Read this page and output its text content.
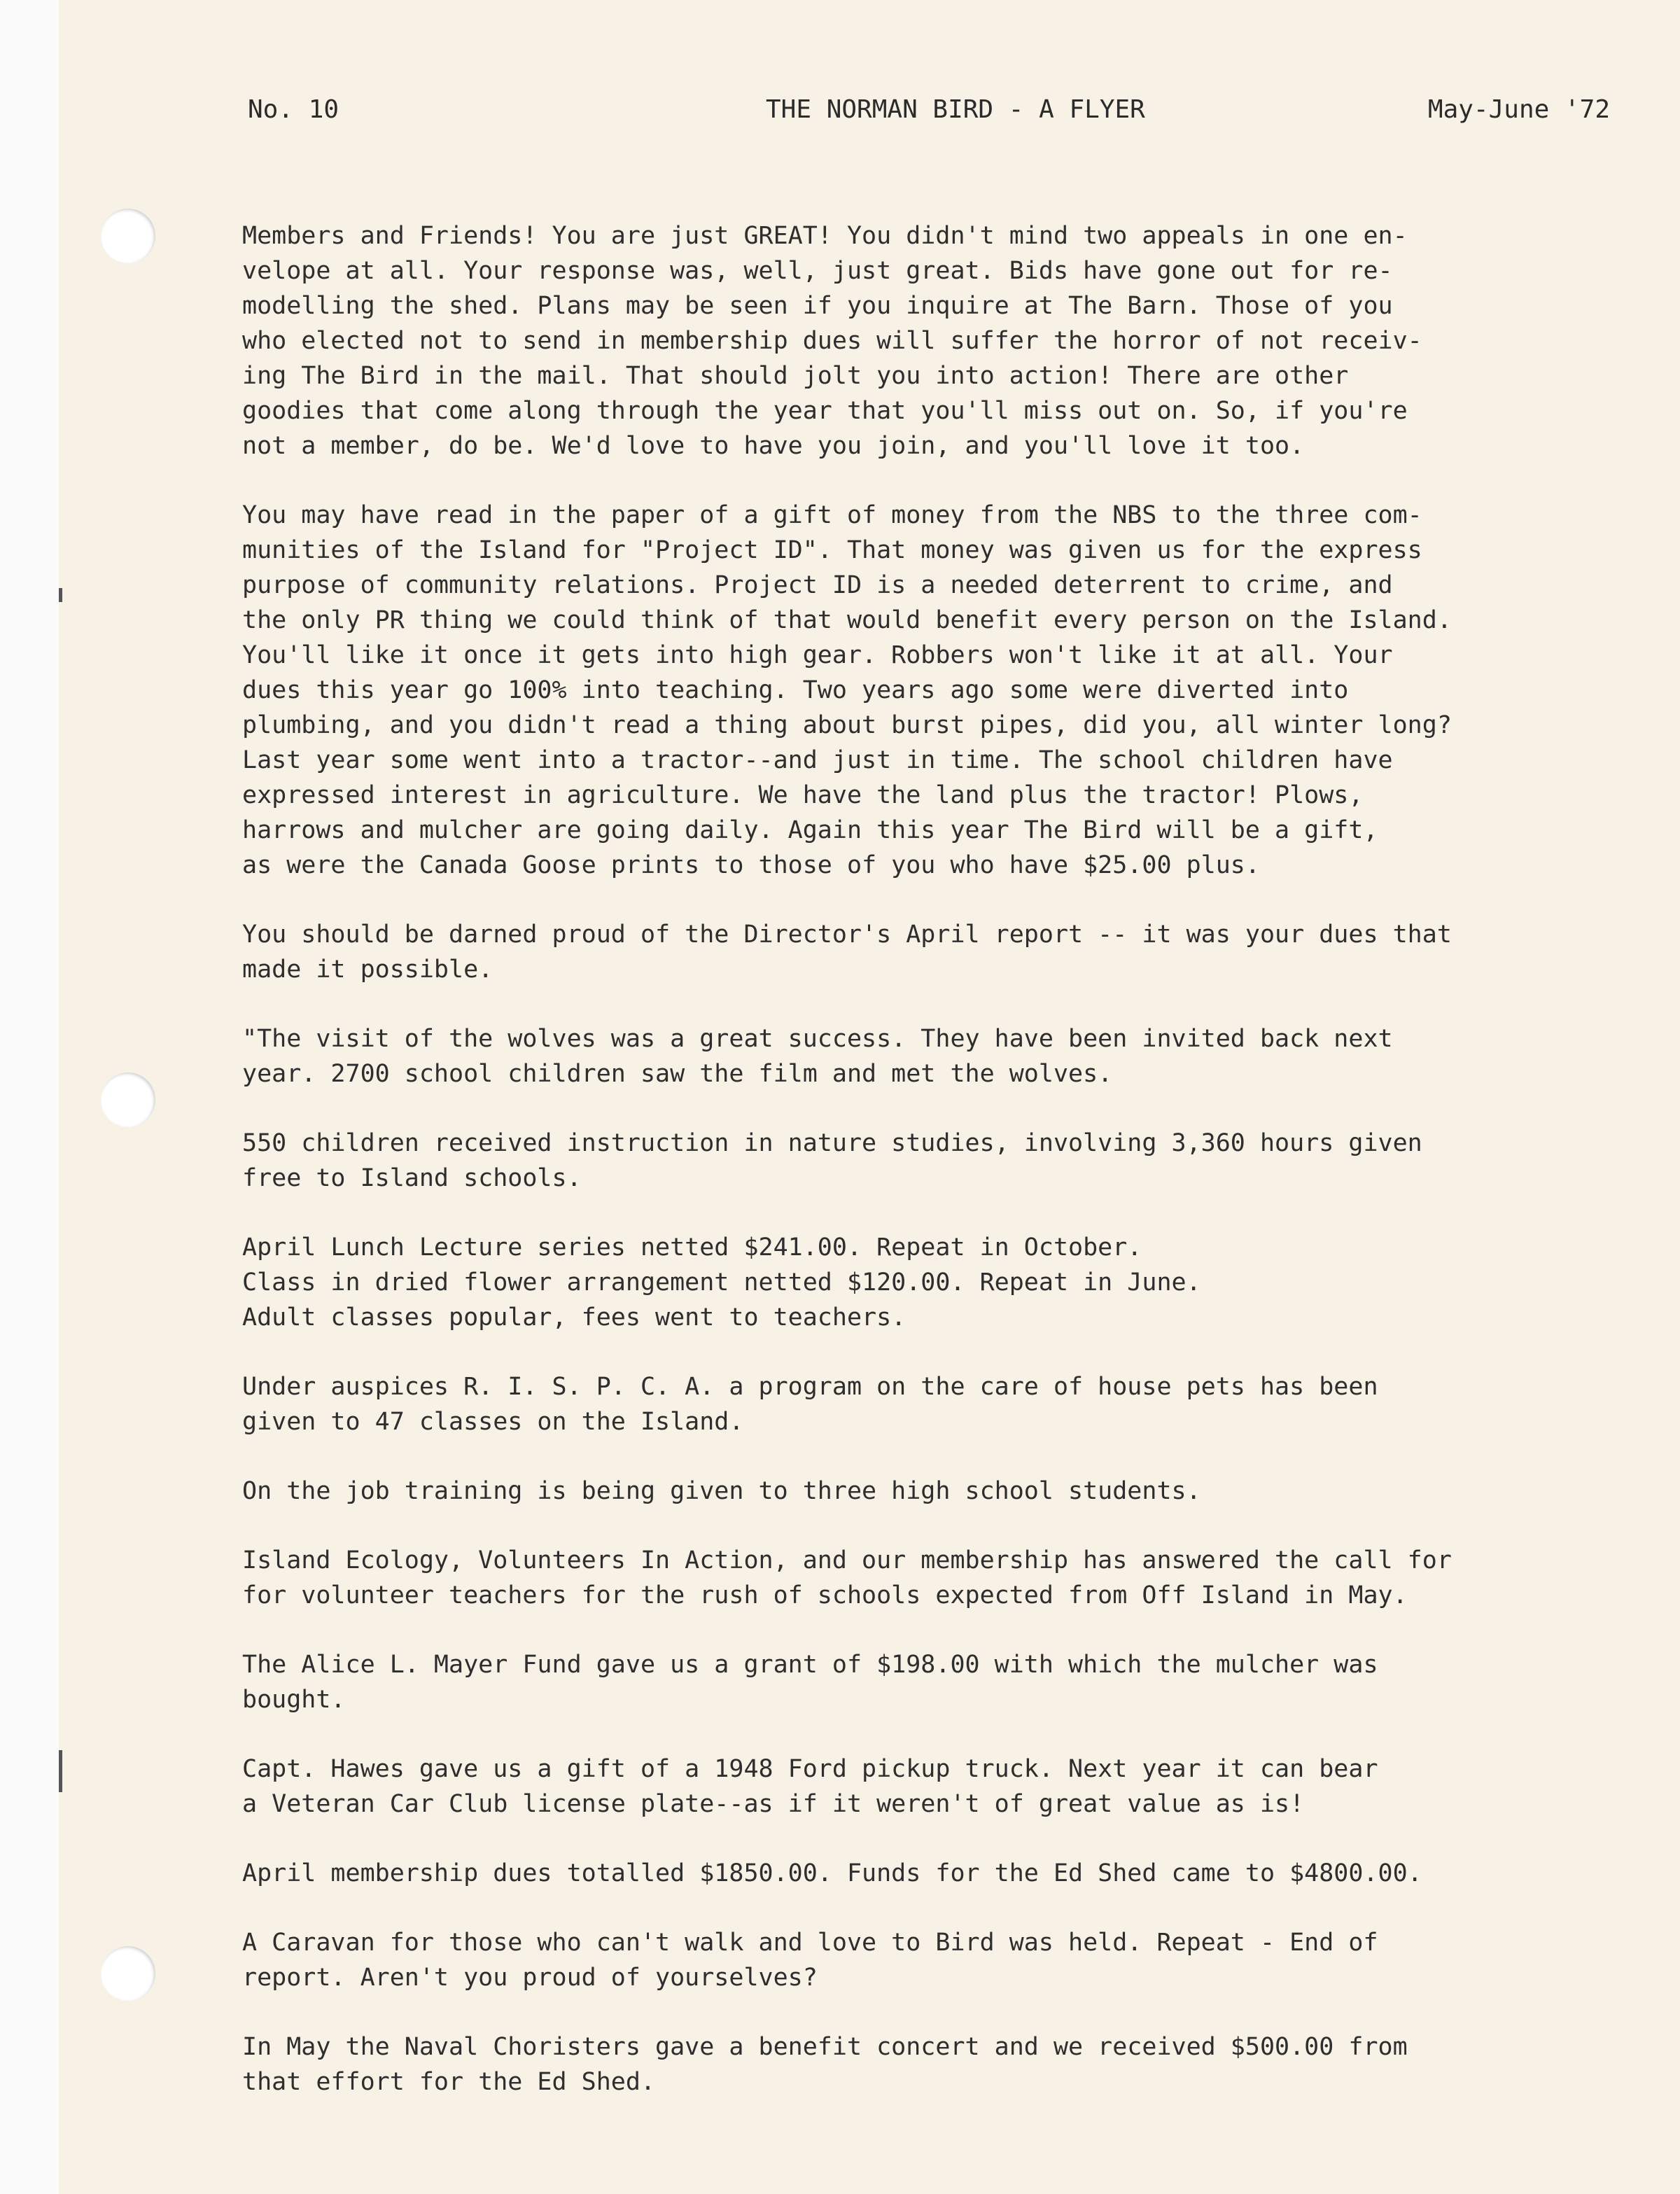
No. 10	THE NORMAN BIRD - A FLYER	May-June '72
Members and Friends! You are just GREAT! You didn't mind two appeals in one en-
velope at all. Your response was, well, just great. Bids have gone out for re-
modelling the shed. Plans may be seen if you inquire at The Barn. Those of you
who elected not to send in membership dues will suffer the horror of not receiv-
ing The Bird in the mail. That should jolt you into action! There are other
goodies that come along through the year that you'll miss out on. So, if you're
not a member, do be. We'd love to have you join, and you'll love it too.
You may have read in the paper of a gift of money from the NBS to the three com-
munities of the Island for "Project ID". That money was given us for the express
purpose of community relations. Project ID is a needed deterrent to crime, and
the only PR thing we could think of that would benefit every person on the Island.
You'll like it once it gets into high gear. Robbers won't like it at all. Your
dues this year go 100% into teaching. Two years ago some were diverted into
plumbing, and you didn't read a thing about burst pipes, did you, all winter long?
Last year some went into a tractor--and just in time. The school children have
expressed interest in agriculture. We have the land plus the tractor! Plows,
harrows and mulcher are going daily. Again this year The Bird will be a gift,
as were the Canada Goose prints to those of you who have $25.00 plus.
You should be darned proud of the Director's April report -- it was your dues that
made it possible.
"The visit of the wolves was a great success. They have been invited back next
year. 2700 school children saw the film and met the wolves.
550 children received instruction in nature studies, involving 3,360 hours given
free to Island schools.
April Lunch Lecture series netted $241.00. Repeat in October.
Class in dried flower arrangement netted $120.00. Repeat in June.
Adult classes popular, fees went to teachers.
Under auspices R. I. S. P. C. A. a program on the care of house pets has been
given to 47 classes on the Island.
On the job training is being given to three high school students.
Island Ecology, Volunteers In Action, and our membership has answered the call for
for volunteer teachers for the rush of schools expected from Off Island in May.
The Alice L. Mayer Fund gave us a grant of $198.00 with which the mulcher was
bought.
Capt. Hawes gave us a gift of a 1948 Ford pickup truck. Next year it can bear
a Veteran Car Club license plate--as if it weren't of great value as is!
April membership dues totalled $1850.00. Funds for the Ed Shed came to $4800.00.
A Caravan for those who can't walk and love to Bird was held. Repeat - End of
report. Aren't you proud of yourselves?
In May the Naval Choristers gave a benefit concert and we received $500.00 from
that effort for the Ed Shed.
